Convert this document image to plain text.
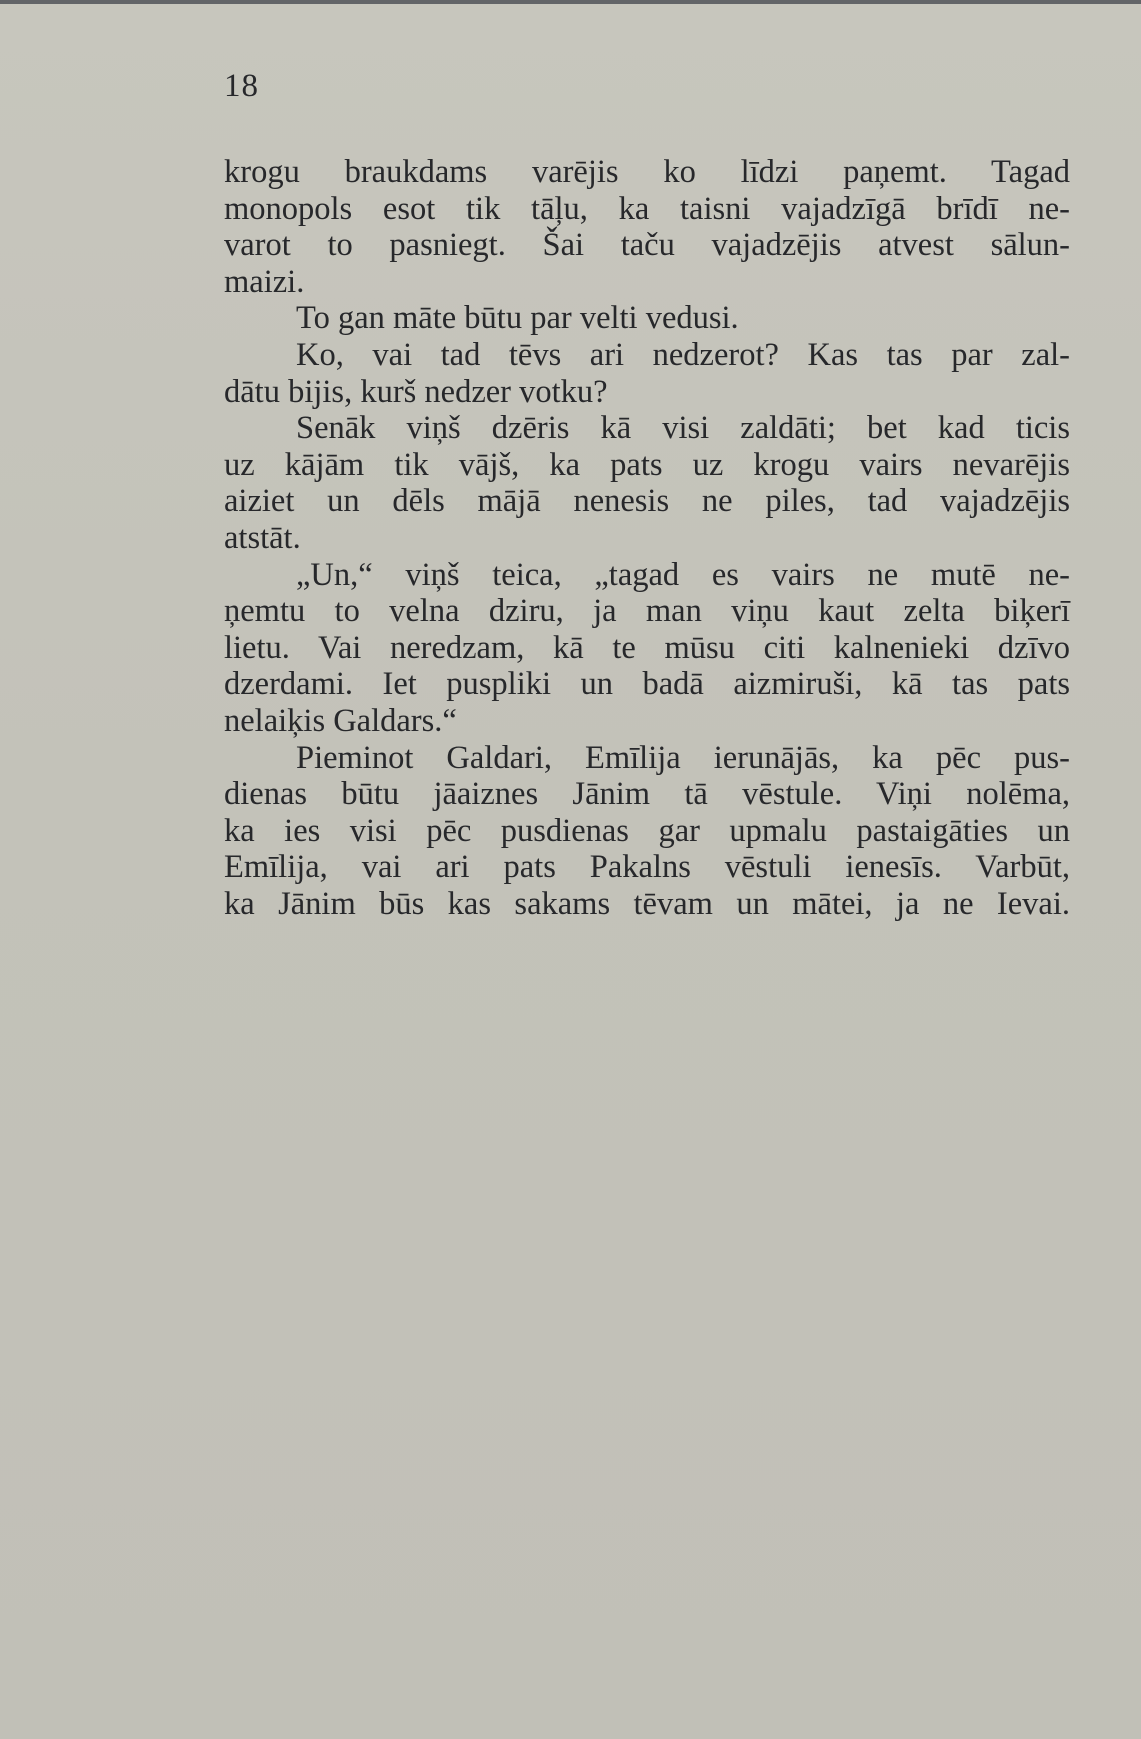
18
krogu braukdams varējis ko līdzi paņemt. Tagad
monopols esot tik tāļu, ka taisni vajadzīgā brīdī ne-
varot to pasniegt. Šai taču vajadzējis atvest sālun-
maizi.
To gan māte būtu par velti vedusi.
Ko, vai tad tēvs ari nedzerot? Kas tas par zal-
dātu bijis, kurš nedzer votku?
Senāk viņš dzēris kā visi zaldāti; bet kad ticis
uz kājām tik vājš, ka pats uz krogu vairs nevarējis
aiziet un dēls mājā nenesis ne piles, tad vajadzējis
atstāt.
„Un,“ viņš teica, „tagad es vairs ne mutē ne-
ņemtu to velna dziru, ja man viņu kaut zelta biķerī
lietu. Vai neredzam, kā te mūsu citi kalnenieki dzīvo
dzerdami. Iet pusplikі un badā aizmiruši, kā tas pats
nelaiķis Galdars.“
Pieminot Galdari, Emīlija ierunājās, ka pēc pus-
dienas būtu jāaiznes Jānim tā vēstule. Viņi nolēma,
ka ies visi pēc pusdienas gar upmalu pastaigāties un
Emīlija, vai ari pats Pakalns vēstuli ienesīs. Varbūt,
ka Jānim būs kas sakams tēvam un mātei, ja ne Ievai.
